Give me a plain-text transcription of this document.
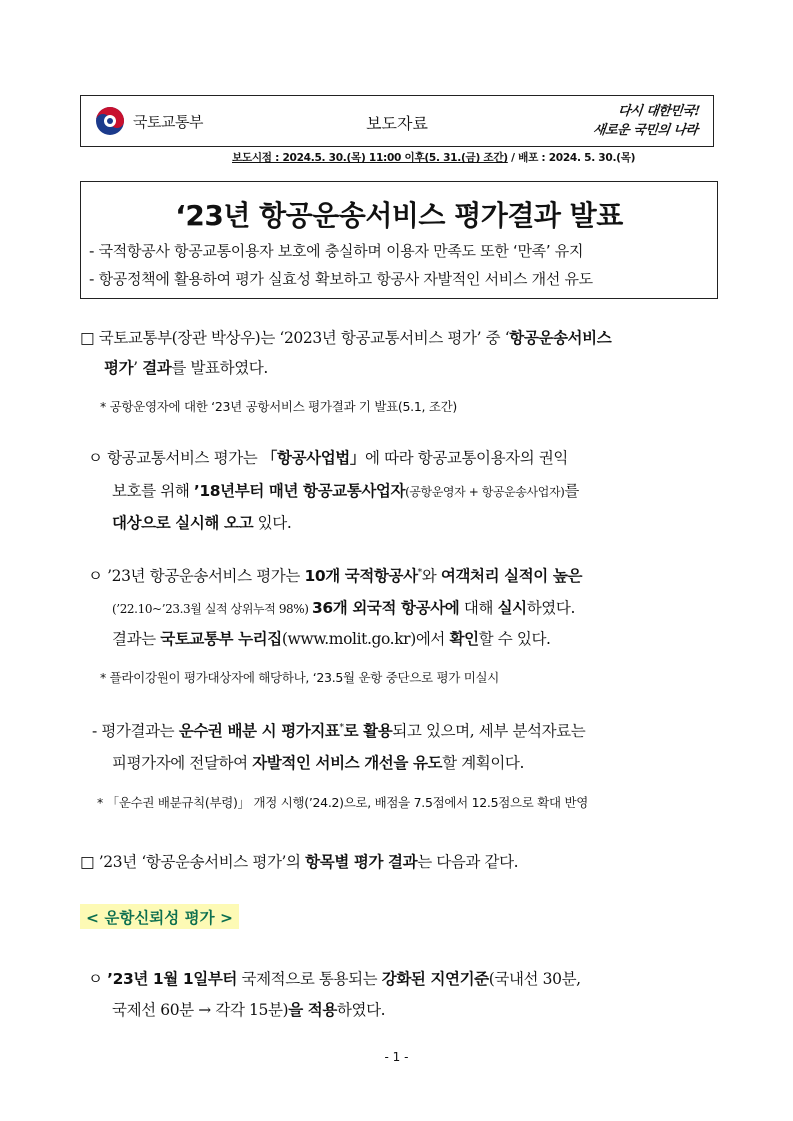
국토교통부	보도자료
다시 대한민국!
새로운 국민의 나라
보도시점 : 2024.5. 30.(목) 11:00 이후(5. 31.(금) 조간) / 배포 : 2024. 5. 30.(목)
‘23년 항공운송서비스 평가결과 발표
- 국적항공사 항공교통이용자 보호에 충실하며 이용자 만족도 또한 ‘만족’ 유지
- 항공정책에 활용하여 평가 실효성 확보하고 항공사 자발적인 서비스 개선 유도
□ 국토교통부(장관 박상우)는 ‘2023년 항공교통서비스 평가’ 중 ‘항공운송서비스
평가’ 결과를 발표하였다.
* 공항운영자에 대한 ‘23년 공항서비스 평가결과 기 발표(5.1, 조간)
ㅇ 항공교통서비스 평가는 「항공사업법」에 따라 항공교통이용자의 권익
보호를 위해 ’18년부터 매년 항공교통사업자(공항운영자 + 항공운송사업자)를
대상으로 실시해 오고 있다.
ㅇ ’23년 항공운송서비스 평가는 10개 국적항공사*와 여객처리 실적이 높은
(’22.10~’23.3월 실적 상위누적 98%) 36개 외국적 항공사에 대해 실시하였다.
결과는 국토교통부 누리집(www.molit.go.kr)에서 확인할 수 있다.
* 플라이강원이 평가대상자에 해당하나, ‘23.5월 운항 중단으로 평가 미실시
- 평가결과는 운수권 배분 시 평가지표*로 활용되고 있으며, 세부 분석자료는
피평가자에 전달하여 자발적인 서비스 개선을 유도할 계획이다.
* 「운수권 배분규칙(부령)」 개정 시행(’24.2)으로, 배점을 7.5점에서 12.5점으로 확대 반영
□ ’23년 ‘항공운송서비스 평가’의 항목별 평가 결과는 다음과 같다.
< 운항신뢰성 평가 >
ㅇ ’23년 1월 1일부터 국제적으로 통용되는 강화된 지연기준(국내선 30분,
국제선 60분 → 각각 15분)을 적용하였다.
- 1 -
